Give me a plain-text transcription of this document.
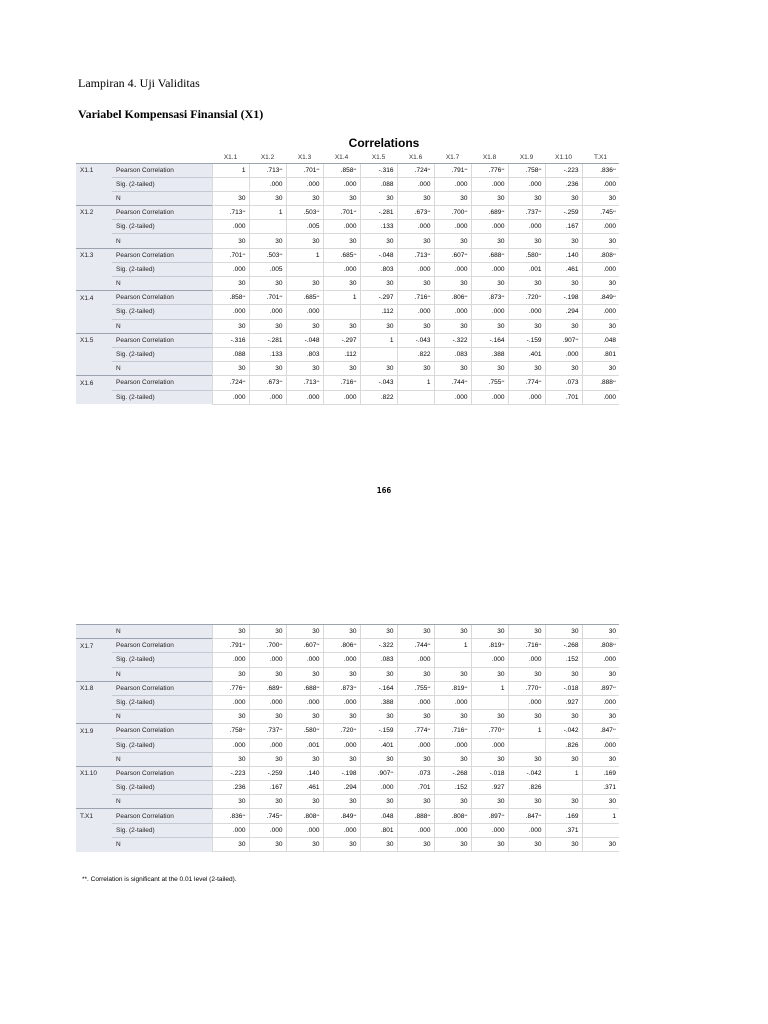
Lampiran 4. Uji Validitas
Variabel Kompensasi Finansial (X1)
Correlations
		X1.1	X1.2	X1.3	X1.4	X1.5	X1.6	X1.7	X1.8	X1.9	X1.10	T.X1
X1.1	Pearson Correlation	1	.713**	.701**	.858**	-.316	.724**	.791**	.776**	.758**	-.223	.836**
	Sig. (2-tailed)		.000	.000	.000	.088	.000	.000	.000	.000	.236	.000
	N	30	30	30	30	30	30	30	30	30	30	30
X1.2	Pearson Correlation	.713**	1	.503**	.701**	-.281	.673**	.700**	.689**	.737**	-.259	.745**
	Sig. (2-tailed)	.000		.005	.000	.133	.000	.000	.000	.000	.167	.000
	N	30	30	30	30	30	30	30	30	30	30	30
X1.3	Pearson Correlation	.701**	.503**	1	.685**	-.048	.713**	.607**	.688**	.580**	.140	.808**
	Sig. (2-tailed)	.000	.005		.000	.803	.000	.000	.000	.001	.461	.000
	N	30	30	30	30	30	30	30	30	30	30	30
X1.4	Pearson Correlation	.858**	.701**	.685**	1	-.297	.716**	.806**	.873**	.720**	-.198	.849**
	Sig. (2-tailed)	.000	.000	.000		.112	.000	.000	.000	.000	.294	.000
	N	30	30	30	30	30	30	30	30	30	30	30
X1.5	Pearson Correlation	-.316	-.281	-.048	-.297	1	-.043	-.322	-.164	-.159	.907**	.048
	Sig. (2-tailed)	.088	.133	.803	.112		.822	.083	.388	.401	.000	.801
	N	30	30	30	30	30	30	30	30	30	30	30
X1.6	Pearson Correlation	.724**	.673**	.713**	.716**	-.043	1	.744**	.755**	.774**	.073	.888**
	Sig. (2-tailed)	.000	.000	.000	.000	.822		.000	.000	.000	.701	.000
166
	N	30	30	30	30	30	30	30	30	30	30	30
X1.7	Pearson Correlation	.791**	.700**	.607**	.806**	-.322	.744**	1	.819**	.716**	-.268	.808**
	Sig. (2-tailed)	.000	.000	.000	.000	.083	.000		.000	.000	.152	.000
	N	30	30	30	30	30	30	30	30	30	30	30
X1.8	Pearson Correlation	.776**	.689**	.688**	.873**	-.164	.755**	.819**	1	.770**	-.018	.897**
	Sig. (2-tailed)	.000	.000	.000	.000	.388	.000	.000		.000	.927	.000
	N	30	30	30	30	30	30	30	30	30	30	30
X1.9	Pearson Correlation	.758**	.737**	.580**	.720**	-.159	.774**	.716**	.770**	1	-.042	.847**
	Sig. (2-tailed)	.000	.000	.001	.000	.401	.000	.000	.000		.826	.000
	N	30	30	30	30	30	30	30	30	30	30	30
X1.10	Pearson Correlation	-.223	-.259	.140	-.198	.907**	.073	-.268	-.018	-.042	1	.169
	Sig. (2-tailed)	.236	.167	.461	.294	.000	.701	.152	.927	.826		.371
	N	30	30	30	30	30	30	30	30	30	30	30
T.X1	Pearson Correlation	.836**	.745**	.808**	.849**	.048	.888**	.808**	.897**	.847**	.169	1
	Sig. (2-tailed)	.000	.000	.000	.000	.801	.000	.000	.000	.000	.371	
	N	30	30	30	30	30	30	30	30	30	30	30
**. Correlation is significant at the 0.01 level (2-tailed).
